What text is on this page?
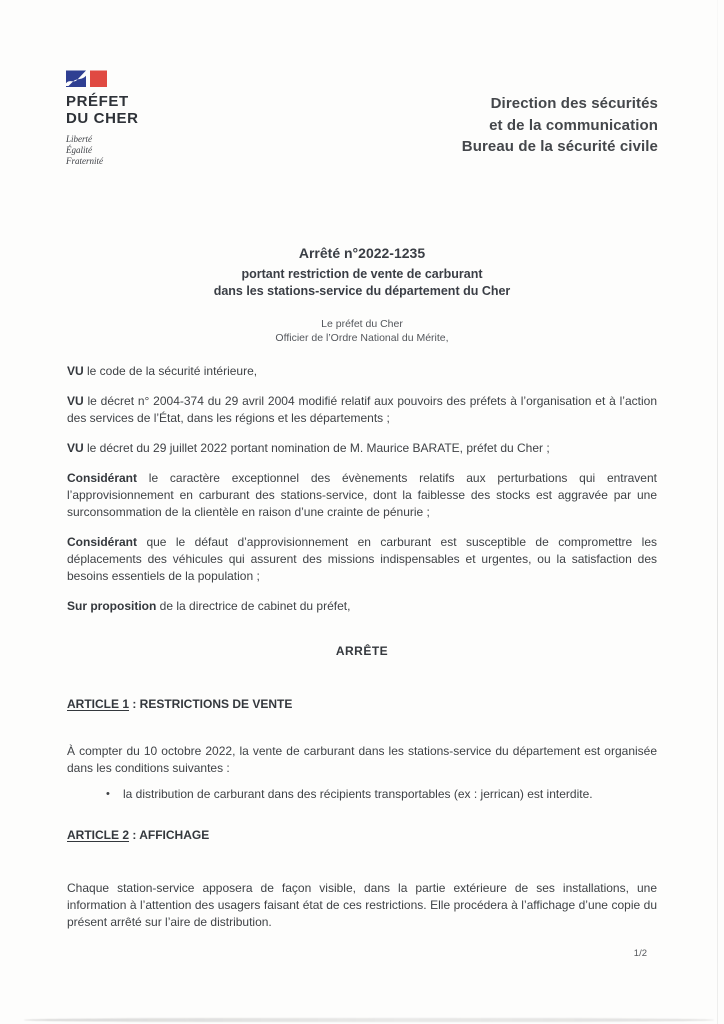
PRÉFET
DU CHER
Liberté
Égalité
Fraternité
Direction des sécurités
et de la communication
Bureau de la sécurité civile
Arrêté n°2022-1235
portant restriction de vente de carburant
dans les stations-service du département du Cher
Le préfet du Cher
Officier de l’Ordre National du Mérite,

VU le code de la sécurité intérieure,

VU le décret n° 2004-374 du 29 avril 2004 modifié relatif aux pouvoirs des préfets à l’organisation et à l’action des services de l’État, dans les régions et les départements ;

VU le décret du 29 juillet 2022 portant nomination de M. Maurice BARATE, préfet du Cher ;

Considérant le caractère exceptionnel des évènements relatifs aux perturbations qui entravent l’approvisionnement en carburant des stations-service, dont la faiblesse des stocks est aggravée par une surconsommation de la clientèle en raison d’une crainte de pénurie ;

Considérant que le défaut d’approvisionnement en carburant est susceptible de compromettre les déplacements des véhicules qui assurent des missions indispensables et urgentes, ou la satisfaction des besoins essentiels de la population ;

Sur proposition de la directrice de cabinet du préfet,

ARRÊTE

ARTICLE 1 : RESTRICTIONS DE VENTE

À compter du 10 octobre 2022, la vente de carburant dans les stations-service du département est organisée dans les conditions suivantes :

• la distribution de carburant dans des récipients transportables (ex : jerrican) est interdite.

ARTICLE 2 : AFFICHAGE

Chaque station-service apposera de façon visible, dans la partie extérieure de ses installations, une information à l’attention des usagers faisant état de ces restrictions. Elle procédera à l’affichage d’une copie du présent arrêté sur l’aire de distribution.

1/2
